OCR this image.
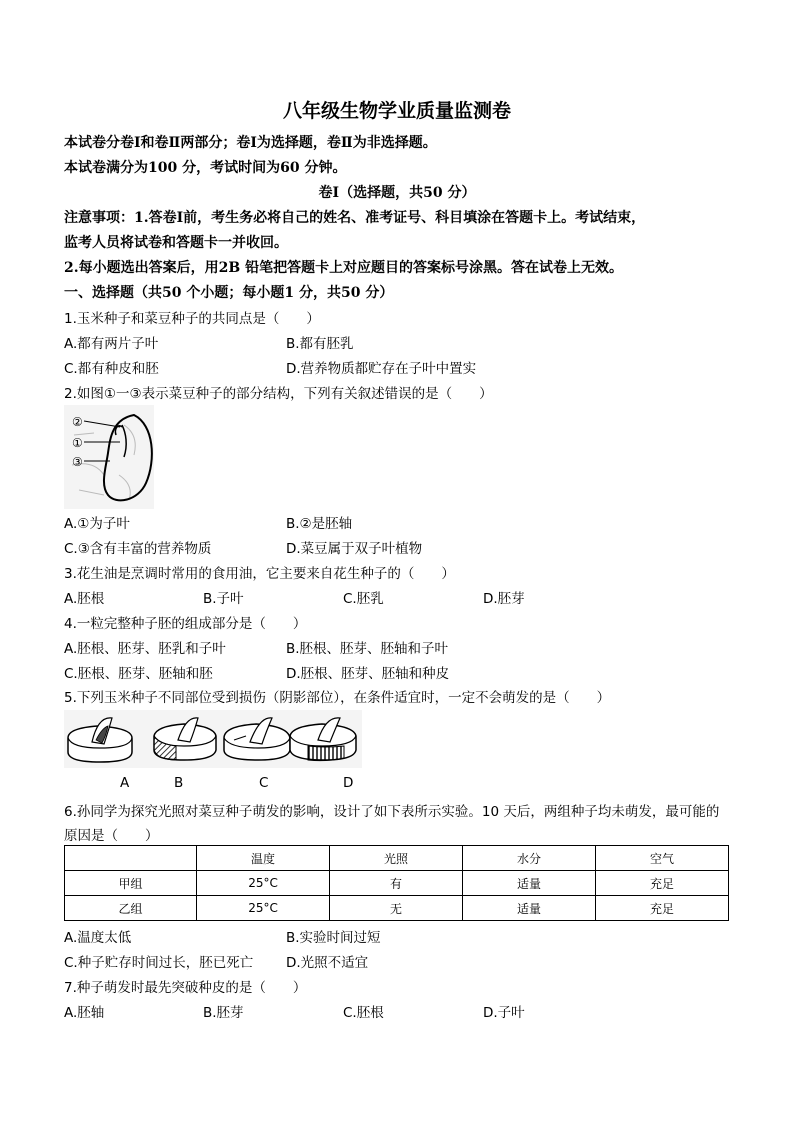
八年级生物学业质量监测卷
本试卷分卷Ⅰ和卷Ⅱ两部分；卷Ⅰ为选择题，卷Ⅱ为非选择题。
本试卷满分为100 分，考试时间为60 分钟。
卷Ⅰ（选择题，共50 分）
注意事项：1.答卷Ⅰ前，考生务必将自己的姓名、准考证号、科目填涂在答题卡上。考试结束，
监考人员将试卷和答题卡一并收回。
2.每小题选出答案后，用2B 铅笔把答题卡上对应题目的答案标号涂黑。答在试卷上无效。
一、选择题（共50 个小题；每小题1 分，共50 分）
1.玉米种子和菜豆种子的共同点是（　　）
A.都有两片子叶	B.都有胚乳
C.都有种皮和胚	D.营养物质都贮存在子叶中置实
2.如图①一③表示菜豆种子的部分结构，下列有关叙述错误的是（　　）
②
①
③
A.①为子叶	B.②是胚轴
C.③含有丰富的营养物质	D.菜豆属于双子叶植物
3.花生油是烹调时常用的食用油，它主要来自花生种子的（　　）
A.胚根	B.子叶	C.胚乳	D.胚芽
4.一粒完整种子胚的组成部分是（　　）
A.胚根、胚芽、胚乳和子叶	B.胚根、胚芽、胚轴和子叶
C.胚根、胚芽、胚轴和胚	D.胚根、胚芽、胚轴和种皮
5.下列玉米种子不同部位受到损伤（阴影部位），在条件适宜时，一定不会萌发的是（　　）
A	B	C	D
6.孙同学为探究光照对菜豆种子萌发的影响，设计了如下表所示实验。10 天后，两组种子均未萌发，最可能的
原因是（　　）
	温度	光照	水分	空气
甲组	25°C	有	适量	充足
乙组	25°C	无	适量	充足
A.温度太低	B.实验时间过短
C.种子贮存时间过长，胚已死亡 D.光照不适宜
7.种子萌发时最先突破种皮的是（　　）
A.胚轴	B.胚芽	C.胚根	D.子叶
